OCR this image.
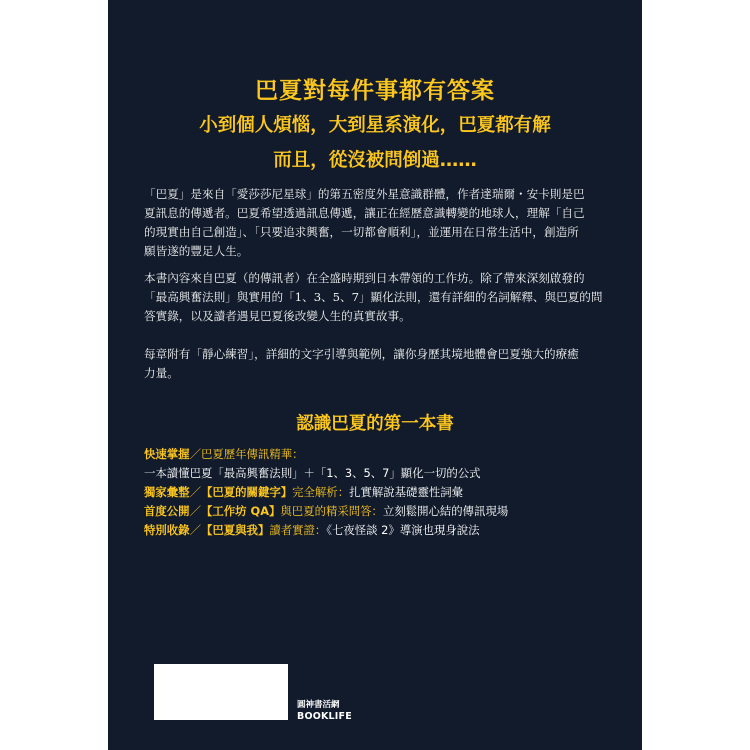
巴夏對每件事都有答案
小到個人煩惱，大到星系演化，巴夏都有解
而且，從沒被問倒過……

「巴夏」是來自「愛莎莎尼星球」的第五密度外星意識群體，作者達瑞爾・安卡則是巴
夏訊息的傳遞者。巴夏希望透過訊息傳遞，讓正在經歷意識轉變的地球人，理解「自己
的現實由自己創造」、「只要追求興奮，一切都會順利」，並運用在日常生活中，創造所
願皆遂的豐足人生。

本書內容來自巴夏（的傳訊者）在全盛時期到日本帶領的工作坊。除了帶來深刻啟發的
「最高興奮法則」與實用的「1、3、5、7」顯化法則，還有詳細的名詞解釋、與巴夏的問
答實錄，以及讀者遇見巴夏後改變人生的真實故事。

每章附有「靜心練習」，詳細的文字引導與範例，讓你身歷其境地體會巴夏強大的療癒
力量。

認識巴夏的第一本書
快速掌握／巴夏歷年傳訊精華：
一本讀懂巴夏「最高興奮法則」＋「1、3、5、7」顯化一切的公式
獨家彙整／【巴夏的關鍵字】完全解析：扎實解說基礎靈性詞彙
首度公開／【工作坊 QA】與巴夏的精采問答：立刻鬆開心結的傳訊現場
特別收錄／【巴夏與我】讀者實證：《七夜怪談 2》導演也現身說法
圓神書活網
BOOKLIFE
